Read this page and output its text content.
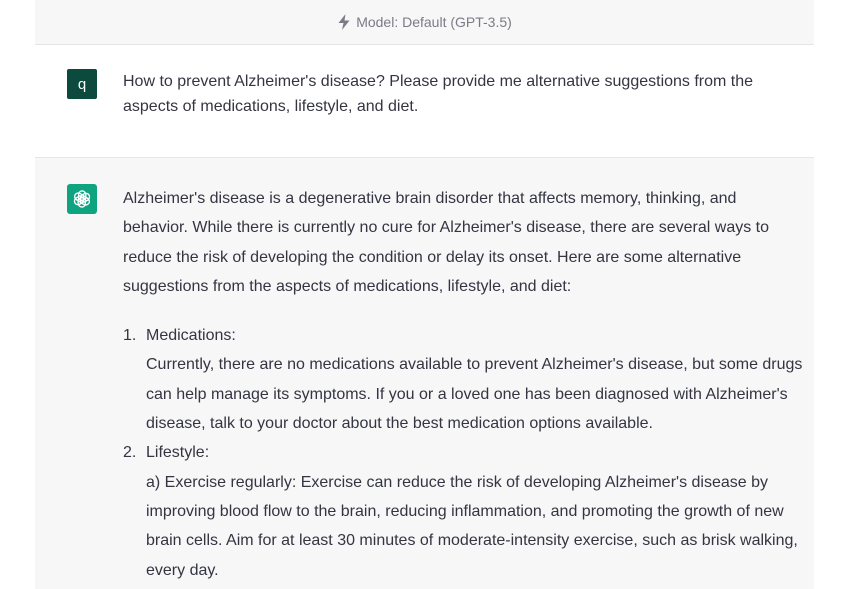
Model: Default (GPT-3.5)
q How to prevent Alzheimer's disease? Please provide me alternative suggestions from the aspects of medications, lifestyle, and diet.

Alzheimer's disease is a degenerative brain disorder that affects memory, thinking, and behavior. While there is currently no cure for Alzheimer's disease, there are several ways to reduce the risk of developing the condition or delay its onset. Here are some alternative suggestions from the aspects of medications, lifestyle, and diet:

1. Medications:
Currently, there are no medications available to prevent Alzheimer's disease, but some drugs can help manage its symptoms. If you or a loved one has been diagnosed with Alzheimer's disease, talk to your doctor about the best medication options available.
2. Lifestyle:
a) Exercise regularly: Exercise can reduce the risk of developing Alzheimer's disease by improving blood flow to the brain, reducing inflammation, and promoting the growth of new brain cells. Aim for at least 30 minutes of moderate-intensity exercise, such as brisk walking, every day.
